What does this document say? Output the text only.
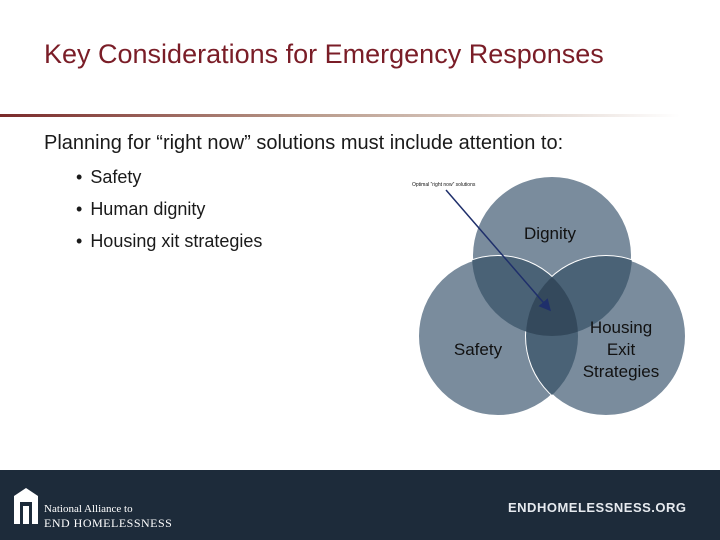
Key Considerations for Emergency Responses
Planning for “right now” solutions must include attention to:
• Safety
• Human dignity
• Housing xit strategies
Optimal “right now” solutions
Dignity
Safety
Housing
Exit
Strategies
National Alliance to
END HOMELESSNESS
ENDHOMELESSNESS.ORG
